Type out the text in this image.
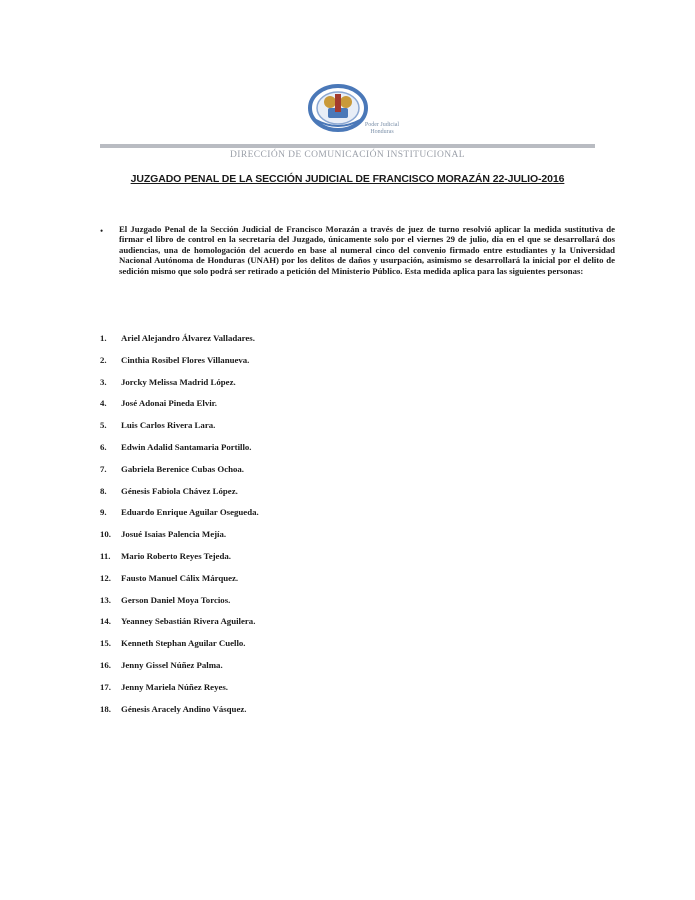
Poder Judicial
Honduras
DIRECCIÓN DE COMUNICACIÓN INSTITUCIONAL
JUZGADO PENAL DE LA SECCIÓN JUDICIAL DE FRANCISCO MORAZÁN 22-JULIO-2016
• El Juzgado Penal de la Sección Judicial de Francisco Morazán a través de juez de turno resolvió aplicar la medida sustitutiva de firmar el libro de control en la secretaría del Juzgado, únicamente solo por el viernes 29 de julio, día en el que se desarrollará dos audiencias, una de homologación del acuerdo en base al numeral cinco del convenio firmado entre estudiantes y la Universidad Nacional Autónoma de Honduras (UNAH) por los delitos de daños y usurpación, asimismo se desarrollará la inicial por el delito de sedición mismo que solo podrá ser retirado a petición del Ministerio Público. Esta medida aplica para las siguientes personas:
1.	Ariel Alejandro Álvarez Valladares.
2.	Cinthia Rosibel Flores Villanueva.
3.	Jorcky Melissa Madrid López.
4.	José Adonai Pineda Elvir.
5.	Luis Carlos Rivera Lara.
6.	Edwin Adalid Santamaria Portillo.
7.	Gabriela Berenice Cubas Ochoa.
8.	Génesis Fabiola Chávez López.
9.	Eduardo Enrique Aguilar Osegueda.
10.	Josué Isaias Palencia Mejía.
11.	Mario Roberto Reyes Tejeda.
12.	Fausto Manuel Cálix Márquez.
13.	Gerson Daniel Moya Torcios.
14.	Yeanney Sebastián Rivera Aguilera.
15.	Kenneth Stephan Aguilar Cuello.
16.	Jenny Gissel Núñez Palma.
17.	Jenny Mariela Núñez Reyes.
18.	Génesis Aracely Andino Vásquez.
